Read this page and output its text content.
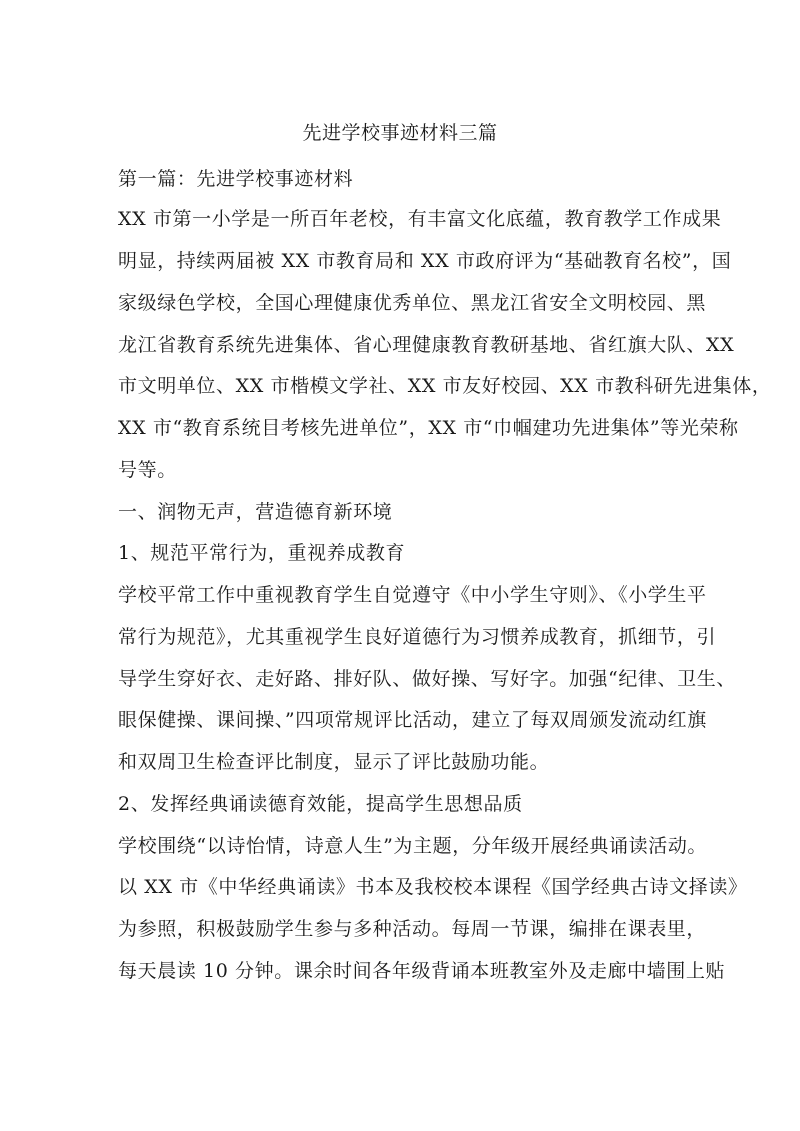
先进学校事迹材料三篇
第一篇：先进学校事迹材料
XX 市第一小学是一所百年老校，有丰富文化底蕴，教育教学工作成果
明显，持续两届被 XX 市教育局和 XX 市政府评为“基础教育名校”，国
家级绿色学校，全国心理健康优秀单位、黑龙江省安全文明校园、黑
龙江省教育系统先进集体、省心理健康教育教研基地、省红旗大队、XX
市文明单位、XX 市楷模文学社、XX 市友好校园、XX 市教科研先进集体，
XX 市“教育系统目考核先进单位”，XX 市“巾帼建功先进集体”等光荣称
号等。
一、润物无声，营造德育新环境
1、规范平常行为，重视养成教育
学校平常工作中重视教育学生自觉遵守《中小学生守则》、《小学生平
常行为规范》，尤其重视学生良好道德行为习惯养成教育，抓细节，引
导学生穿好衣、走好路、排好队、做好操、写好字。加强“纪律、卫生、
眼保健操、课间操、”四项常规评比活动，建立了每双周颁发流动红旗
和双周卫生检查评比制度，显示了评比鼓励功能。
2、发挥经典诵读德育效能，提高学生思想品质
学校围绕“以诗怡情，诗意人生”为主题，分年级开展经典诵读活动。
以 XX 市《中华经典诵读》书本及我校校本课程《国学经典古诗文择读》
为参照，积极鼓励学生参与多种活动。每周一节课，编排在课表里，
每天晨读 10 分钟。课余时间各年级背诵本班教室外及走廊中墙围上贴
